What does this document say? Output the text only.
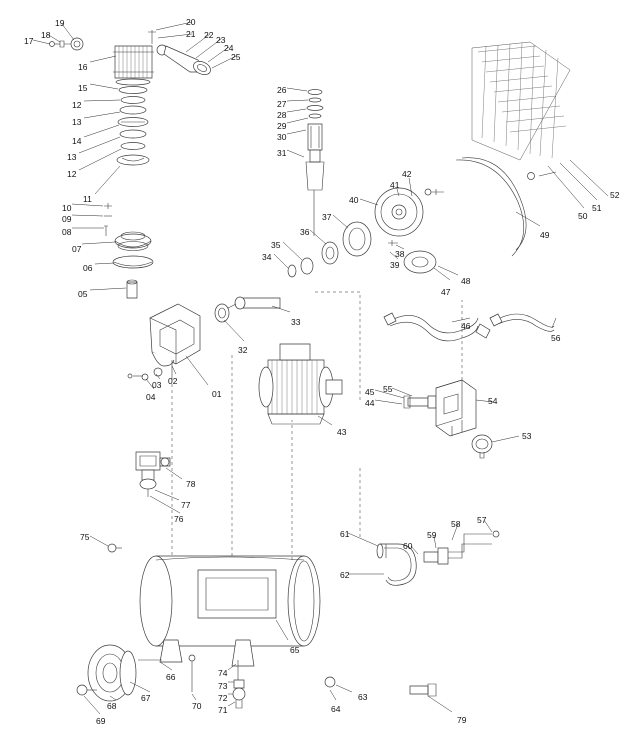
17
18
19
16
15
12
13
14
13
12
11
10
09
08
07
06
05
04
03 02
01
20
21 22 23
24
25
26
27
28
29
30
31
32
33
34
35
36
37
38
39
40
41
42
43
44
45 55
46
47
48
49
50
51
52
53
54
56
57
58
59
60
61
62
63
64
65
66
67
68
69
70 71
72
73
74
75
76
77
78
79
